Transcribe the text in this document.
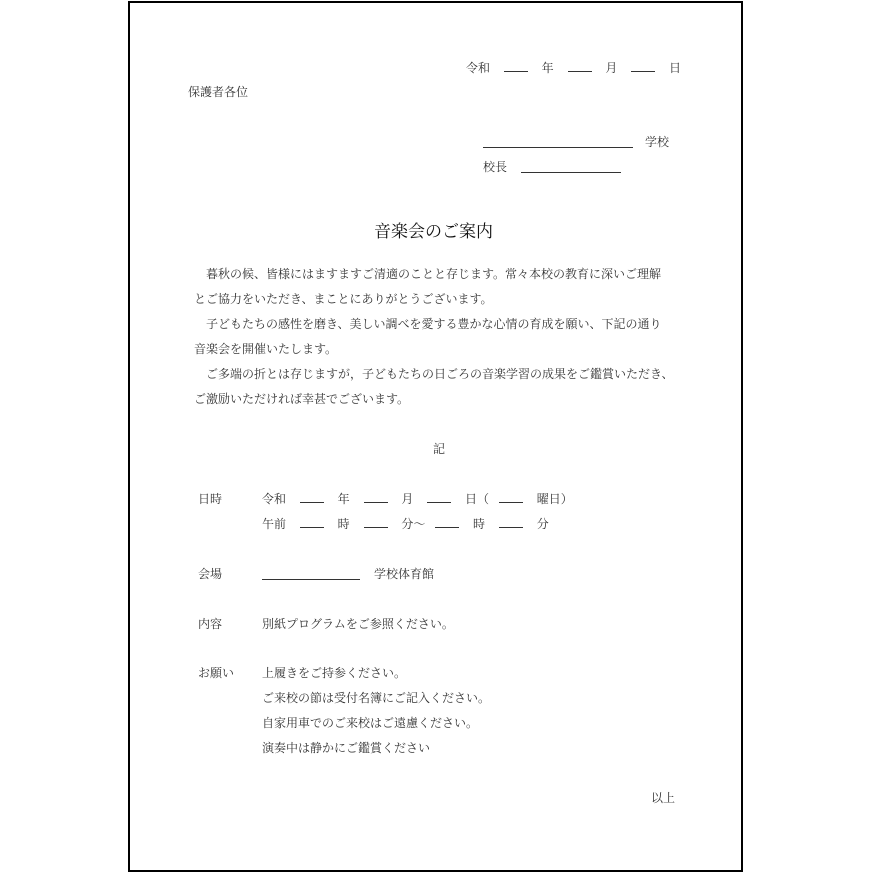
令和	年	月	日
保護者各位
学校
校長
音楽会のご案内
暮秋の候、皆様にはますますご清適のことと存じます。常々本校の教育に深いご理解
とご協力をいただき、まことにありがとうございます。
子どもたちの感性を磨き、美しい調べを愛する豊かな心情の育成を願い、下記の通り
音楽会を開催いたします。
ご多端の折とは存じますが，子どもたちの日ごろの音楽学習の成果をご鑑賞いただき、
ご激励いただければ幸甚でございます。
記
日時	令和	年	月	日（	曜日）
午前	時	分～	時	分
会場	学校体育館
内容	別紙プログラムをご参照ください。
お願い 上履きをご持参ください。
ご来校の節は受付名簿にご記入ください。
自家用車でのご来校はご遠慮ください。
演奏中は静かにご鑑賞ください
以上
